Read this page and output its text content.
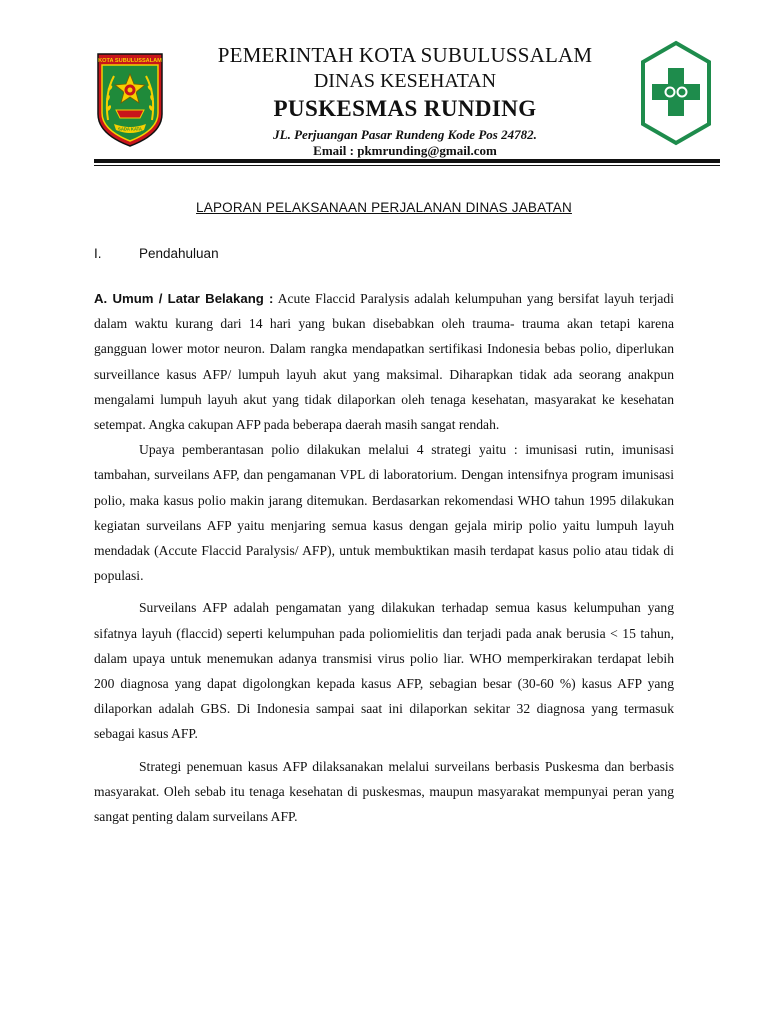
KOTA SUBULUSSALAM
SADA KATA
PEMERINTAH KOTA SUBULUSSALAM
DINAS KESEHATAN
PUSKESMAS RUNDING
JL. Perjuangan Pasar Rundeng Kode Pos 24782.
Email : pkmrunding@gmail.com
LAPORAN PELAKSANAAN PERJALANAN DINAS JABATAN
I.	Pendahuluan

A. Umum / Latar Belakang : Acute Flaccid Paralysis adalah kelumpuhan yang bersifat layuh terjadi dalam waktu kurang dari 14 hari yang bukan disebabkan oleh trauma- trauma akan tetapi karena gangguan lower motor neuron. Dalam rangka mendapatkan sertifikasi Indonesia bebas polio, diperlukan surveillance kasus AFP/ lumpuh layuh akut yang maksimal. Diharapkan tidak ada seorang anakpun mengalami lumpuh layuh akut yang tidak dilaporkan oleh tenaga kesehatan, masyarakat ke kesehatan setempat. Angka cakupan AFP pada beberapa daerah masih sangat rendah.

Upaya pemberantasan polio dilakukan melalui 4 strategi yaitu : imunisasi rutin, imunisasi tambahan, surveilans AFP, dan pengamanan VPL di laboratorium. Dengan intensifnya program imunisasi polio, maka kasus polio makin jarang ditemukan. Berdasarkan rekomendasi WHO tahun 1995 dilakukan kegiatan surveilans AFP yaitu menjaring semua kasus dengan gejala mirip polio yaitu lumpuh layuh mendadak (Accute Flaccid Paralysis/ AFP), untuk membuktikan masih terdapat kasus polio atau tidak di populasi.

Surveilans AFP adalah pengamatan yang dilakukan terhadap semua kasus kelumpuhan yang sifatnya layuh (flaccid) seperti kelumpuhan pada poliomielitis dan terjadi pada anak berusia < 15 tahun, dalam upaya untuk menemukan adanya transmisi virus polio liar. WHO memperkirakan terdapat lebih 200 diagnosa yang dapat digolongkan kepada kasus AFP, sebagian besar (30-60 %) kasus AFP yang dilaporkan adalah GBS. Di Indonesia sampai saat ini dilaporkan sekitar 32 diagnosa yang termasuk sebagai kasus AFP.

Strategi penemuan kasus AFP dilaksanakan melalui surveilans berbasis Puskesma dan berbasis masyarakat. Oleh sebab itu tenaga kesehatan di puskesmas, maupun masyarakat mempunyai peran yang sangat penting dalam surveilans AFP.
